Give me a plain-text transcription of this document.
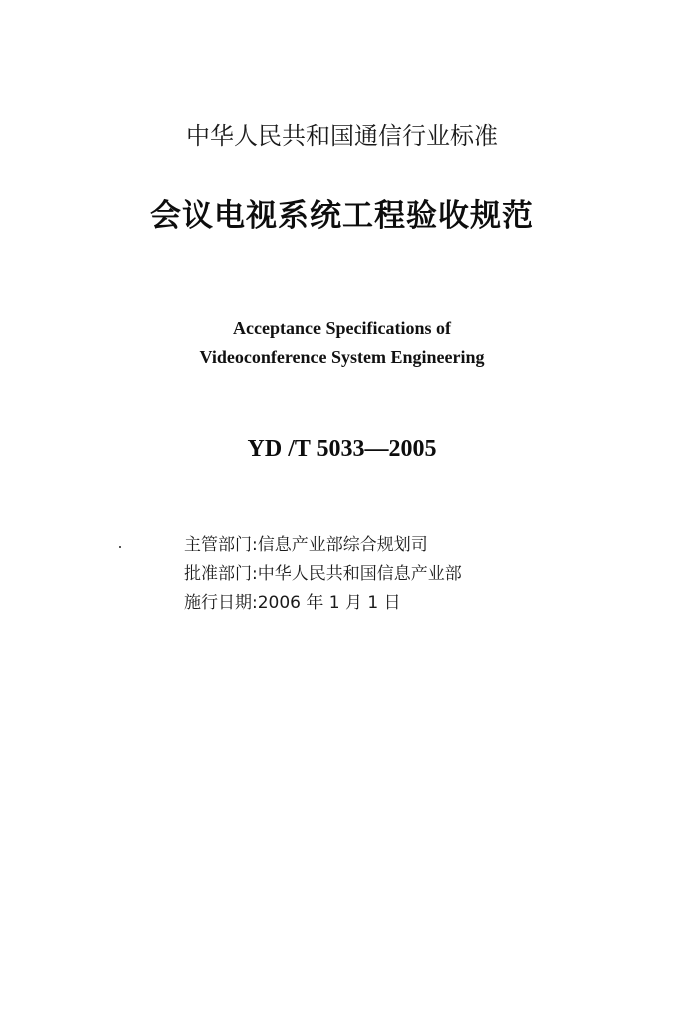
中华人民共和国通信行业标准
会议电视系统工程验收规范
Acceptance Specifications of
Videoconference System Engineering
YD /T 5033—2005
主管部门:信息产业部综合规划司
批准部门:中华人民共和国信息产业部
施行日期:2006 年 1 月 1 日
